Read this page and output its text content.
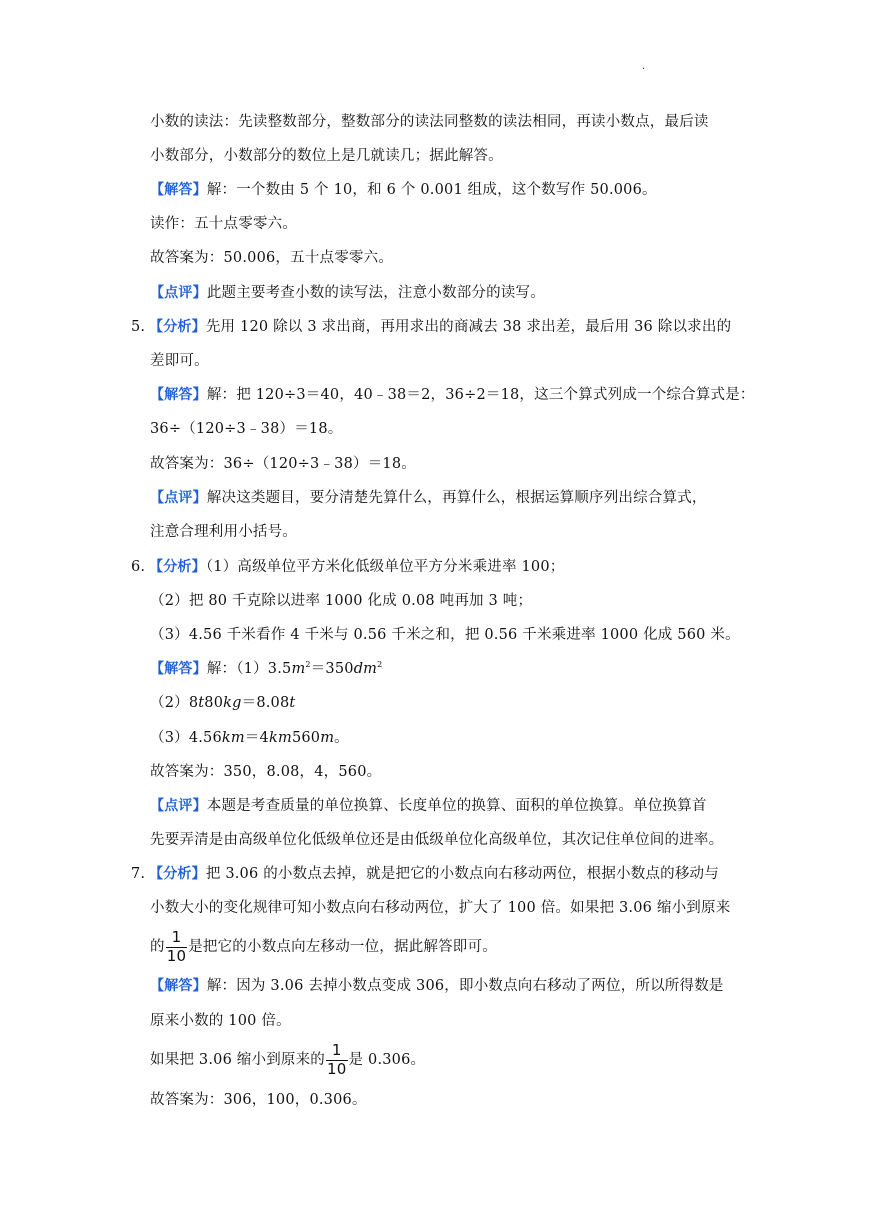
·
小数的读法：先读整数部分，整数部分的读法同整数的读法相同，再读小数点，最后读
小数部分，小数部分的数位上是几就读几；据此解答。
【解答】解：一个数由 5 个 10，和 6 个 0.001 组成，这个数写作 50.006。
读作：五十点零零六。
故答案为：50.006，五十点零零六。
【点评】此题主要考查小数的读写法，注意小数部分的读写。
5. 【分析】先用 120 除以 3 求出商，再用求出的商减去 38 求出差，最后用 36 除以求出的
差即可。
【解答】解：把 120÷3＝40，40﹣38＝2，36÷2＝18，这三个算式列成一个综合算式是：
36÷（120÷3﹣38）＝18。
故答案为：36÷（120÷3﹣38）＝18。
【点评】解决这类题目，要分清楚先算什么，再算什么，根据运算顺序列出综合算式，
注意合理利用小括号。
6. 【分析】（1）高级单位平方米化低级单位平方分米乘进率 100；
（2）把 80 千克除以进率 1000 化成 0.08 吨再加 3 吨；
（3）4.56 千米看作 4 千米与 0.56 千米之和，把 0.56 千米乘进率 1000 化成 560 米。
【解答】解：$(1)3.5m^2=350dm^2$
（2）8t80kg＝8.08t
（3）4.56km＝4km560m。
故答案为：350，8.08，4，560。
【点评】本题是考查质量的单位换算、长度单位的换算、面积的单位换算。单位换算首
先要弄清是由高级单位化低级单位还是由低级单位化高级单位，其次记住单位间的进率。
7. 【分析】把 3.06 的小数点去掉，就是把它的小数点向右移动两位，根据小数点的移动与
小数大小的变化规律可知小数点向右移动两位，扩大了 100 倍。如果把 3.06 缩小到原来
的 $\frac{1}{10}$ 是把它的小数点向左移动一位，据此解答即可。
【解答】解：因为 3.06 去掉小数点变成 306，即小数点向右移动了两位，所以所得数是
原来小数的 100 倍。
如果把 3.06 缩小到原来的 $\frac{1}{10}$ 是 0.306。
故答案为：306，100，0.306。
